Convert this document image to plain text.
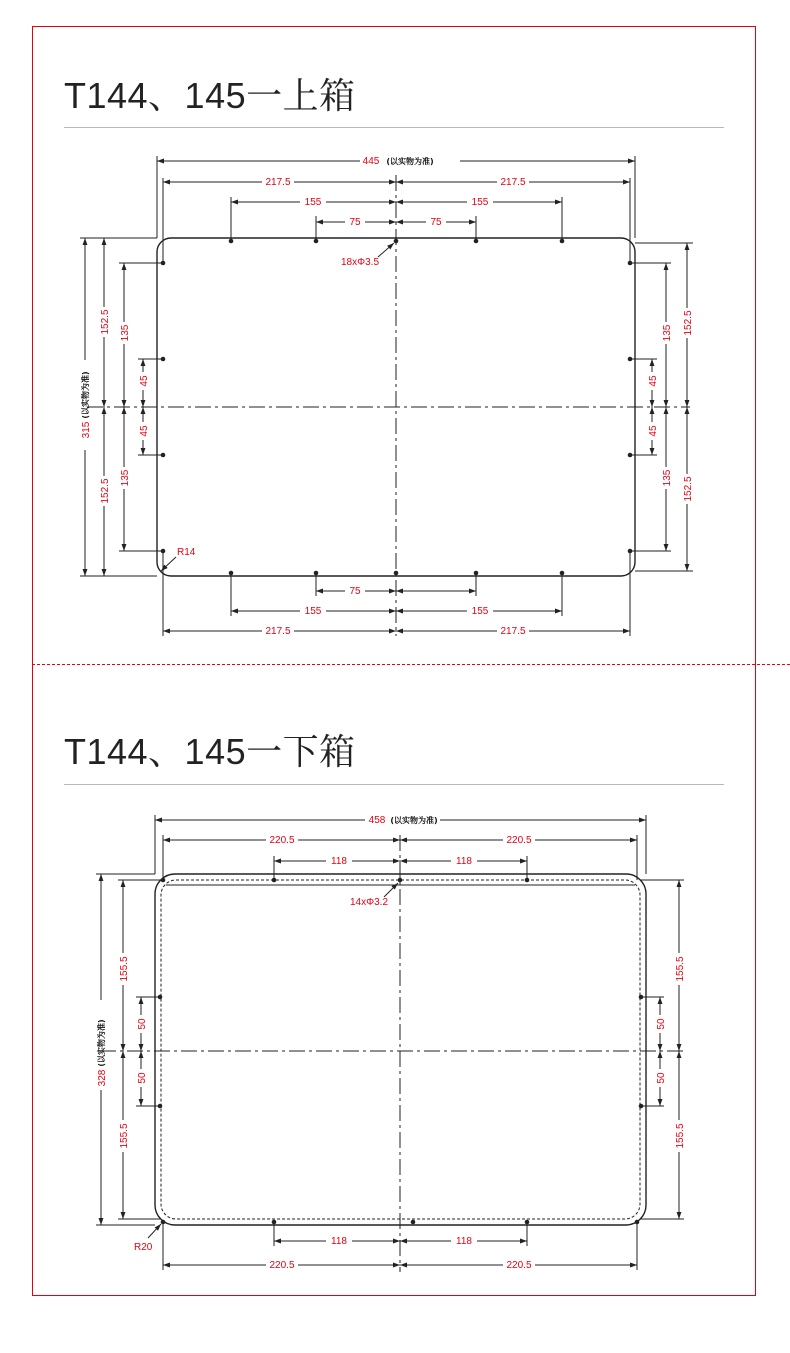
T144、145一上箱
T144、145一下箱
445 (以实物为准)
217.5	217.5
155	155
75	75
18xΦ3.5
R14
315
(以实物为准)
152.5
152.5
135
135
45
45
152.5
152.5
135
135
45
45
75
155	155
217.5	217.5
458 (以实物为准)
220.5	220.5
118	118
14xΦ3.2
R20
328
(以实物为准)
155.5
155.5
50
50
155.5
155.5
50
50
118	118
220.5	220.5
